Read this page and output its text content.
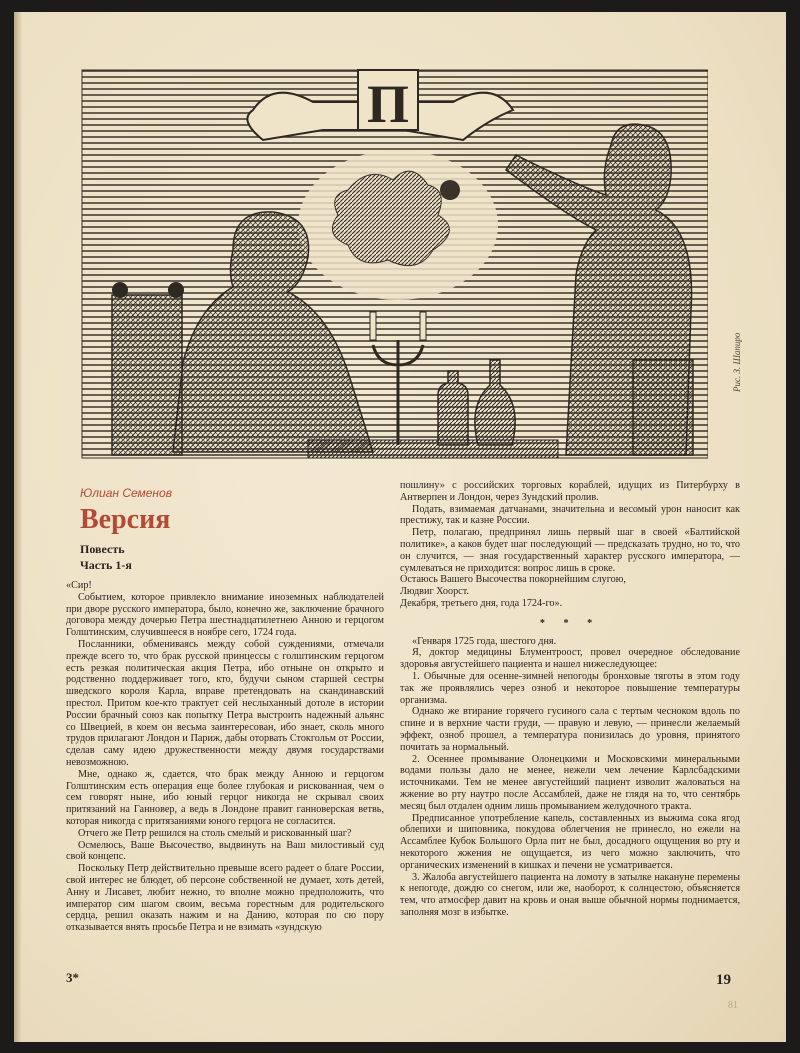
П
Рис. З. Шапиро
Юлиан Семенов
Версия
Повесть
Часть 1-я

«Сир!

Событием, которое привлекло внимание иноземных наблюдателей при дворе русского императора, было, конечно же, заключение брачного договора между дочерью Петра шестнадцатилетнею Анною и герцогом Голштинским, случившееся в ноябре сего, 1724 года.

Посланники, обмениваясь между собой суждениями, отмечали прежде всего то, что брак русской принцессы с голштинским герцогом есть резкая политическая акция Петра, ибо отныне он открыто и родственно поддерживает того, кто, будучи сыном старшей сестры шведского короля Карла, вправе претендовать на скандинавский престол. Притом кое-кто трактует сей неслыханный дотоле в истории России брачный союз как попытку Петра выстроить надежный альянс со Швецией, в коем он весьма заинтересован, ибо знает, сколь много трудов прилагают Лондон и Париж, дабы оторвать Стокгольм от России, сделав саму идею дружественности между двумя государствами невозможною.

Мне, однако ж, сдается, что брак между Анною и герцогом Голштинским есть операция еще более глубокая и рискованная, чем о сем говорят ныне, ибо юный герцог никогда не скрывал своих притязаний на Ганновер, а ведь в Лондоне правит ганноверская ветвь, которая никогда с притязаниями юного герцога не согласится.

Отчего же Петр решился на столь смелый и рискованный шаг?

Осмелюсь, Ваше Высочество, выдвинуть на Ваш милостивый суд свой концепс.

Поскольку Петр действительно превыше всего радеет о благе России, свой интерес не блюдет, об персоне собственной не думает, хоть детей, Анну и Лисавет, любит нежно, то вполне можно предположить, что император сим шагом своим, весьма горестным для родительского сердца, решил оказать нажим и на Данию, которая по сю пору отказывается внять просьбе Петра и не взимать «зундскую

пошлину» с российских торговых кораблей, идущих из Питербурху в Антверпен и Лондон, через Зундский пролив.

Подать, взимаемая датчанами, значительна и весомый урон наносит как престижу, так и казне России.

Петр, полагаю, предпринял лишь первый шаг в своей «Балтийской политике», а каков будет шаг последующий — предсказать трудно, но то, что он случится, — зная государственный характер русского императора, — сумлеваться не приходится: вопрос лишь в сроке.

Остаюсь Вашего Высочества покорнейшим слугою,

Людвиг Хоорст.

Декабря, третьего дня, года 1724-го».

* * *

«Генваря 1725 года, шестого дня.

Я, доктор медицины Блументроост, провел очередное обследование здоровья августейшего пациента и нашел нижеследующее:

1. Обычные для осенне-зимней непогоды бронховые тяготы в этом году так же проявлялись через озноб и некоторое повышение температуры организма.

Однако же втирание горячего гусиного сала с тертым чесноком вдоль по спине и в верхние части груди, — правую и левую, — принесли желаемый эффект, озноб прошел, а температура понизилась до уровня, принятого почитать за нормальный.

2. Осеннее промывание Олонецкими и Московскими минеральными водами пользы дало не менее, нежели чем лечение Карлсбадскими источниками. Тем не менее августейший пациент изволит жаловаться на жжение во рту наутро после Ассамблей, даже не глядя на то, что сентябрь месяц был отдален одним лишь промыванием желудочного тракта.

Предписанное употребление капель, составленных из выжима сока ягод облепихи и шиповника, покудова облегчения не принесло, но ежели на Ассамблее Кубок Большого Орла пит не был, досадного ощущения во рту и некоторого жжения не ощущается, из чего можно заключить, что органических изменений в кишках и печени не усматривается.

3. Жалоба августейшего пациента на ломоту в затылке накануне перемены к непогоде, дождю со снегом, или же, наоборот, к солнцестою, объясняется тем, что атмосфер давит на кровь и оная выше обычной нормы поднимается, заполняя мозг в избытке.

3*	19
81
